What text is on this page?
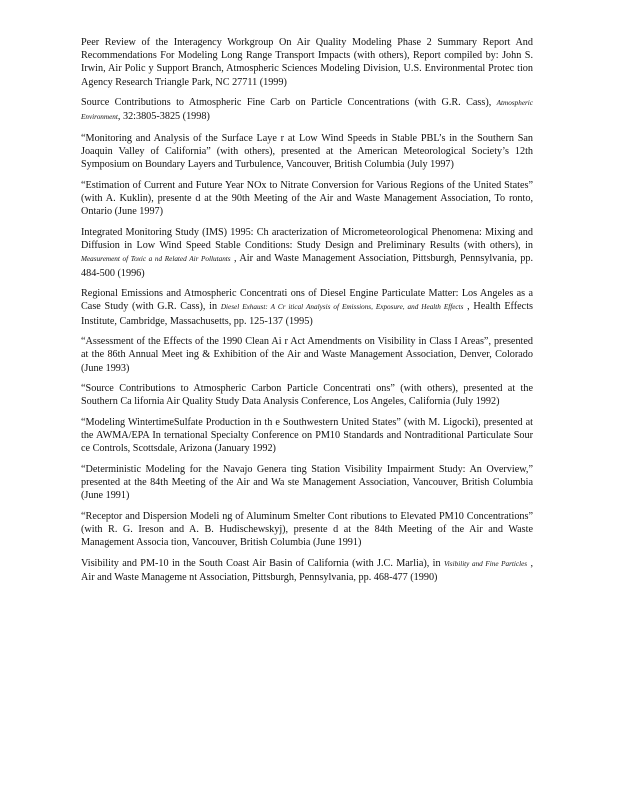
Peer Review of the Interagency Workgroup On Air Quality Modeling Phase 2 Summary Report And Recommendations For Modeling Long Range Transport Impacts (with others), Report compiled by: John S. Irwin, Air Polic y Support Branch, Atmospheric Sciences Modeling Division, U.S. Environmental Protec tion Agency Research Triangle Park, NC 27711 (1999)

Source Contributions to Atmospheric Fine Carb on Particle Concentrations (with G.R. Cass), Atmospheric Environment, 32:3805-3825 (1998)

“Monitoring and Analysis of the Surface Laye r at Low Wind Speeds in Stable PBL’s in the Southern San Joaquin Valley of California” (with others), presented at the American Meteorological Society’s 12th Symposium on Boundary Layers and Turbulence, Vancouver, British Columbia (July 1997)

“Estimation of Current and Future Year NOx to Nitrate Conversion for Various Regions of the United States” (with A. Kuklin), presente d at the 90th Meeting of the Air and Waste Management Association, To ronto, Ontario (June 1997)

Integrated Monitoring Study (IMS) 1995: Ch aracterization of Micrometeorological Phenomena: Mixing and Diffusion in Low Wind Speed Stable Conditions: Study Design and Preliminary Results (with others), in Measurement of Toxic a nd Related Air Pollutants , Air and Waste Management Association, Pittsburgh, Pennsylvania, pp. 484-500 (1996)

Regional Emissions and Atmospheric Concentrati ons of Diesel Engine Particulate Matter: Los Angeles as a Case Study (with G.R. Cass), in Diesel Exhaust: A Cr itical Analysis of Emissions, Exposure, and Health Effects , Health Effects Institute, Cambridge, Massachusetts, pp. 125-137 (1995)

“Assessment of the Effects of the 1990 Clean Ai r Act Amendments on Visibility in Class I Areas”, presented at the 86th Annual Meet ing & Exhibition of the Air and Waste Management Association, Denver, Colorado (June 1993)

“Source Contributions to Atmospheric Carbon Particle Concentrati ons” (with others), presented at the Southern Ca lifornia Air Quality Study Data Analysis Conference, Los Angeles, California (July 1992)

“Modeling WintertimeSulfate Production in th e Southwestern United States” (with M. Ligocki), presented at the AWMA/EPA In ternational Specialty Conference on PM10 Standards and Nontraditional Particulate Sour ce Controls, Scottsdale, Arizona (January 1992)

“Deterministic Modeling for the Navajo Genera ting Station Visibility Impairment Study: An Overview,” presented at the 84th Meeting of the Air and Wa ste Management Association, Vancouver, British Columbia (June 1991)

“Receptor and Dispersion Modeli ng of Aluminum Smelter Cont ributions to Elevated PM10 Concentrations” (with R. G. Ireson and A. B. Hudischewskyj), presente d at the 84th Meeting of the Air and Waste Management Associa tion, Vancouver, British Columbia (June 1991)

Visibility and PM-10 in the South Coast Air Basin of California (with J.C. Marlia), in Visibility and Fine Particles , Air and Waste Manageme nt Association, Pittsburgh, Pennsylvania, pp. 468-477 (1990)
